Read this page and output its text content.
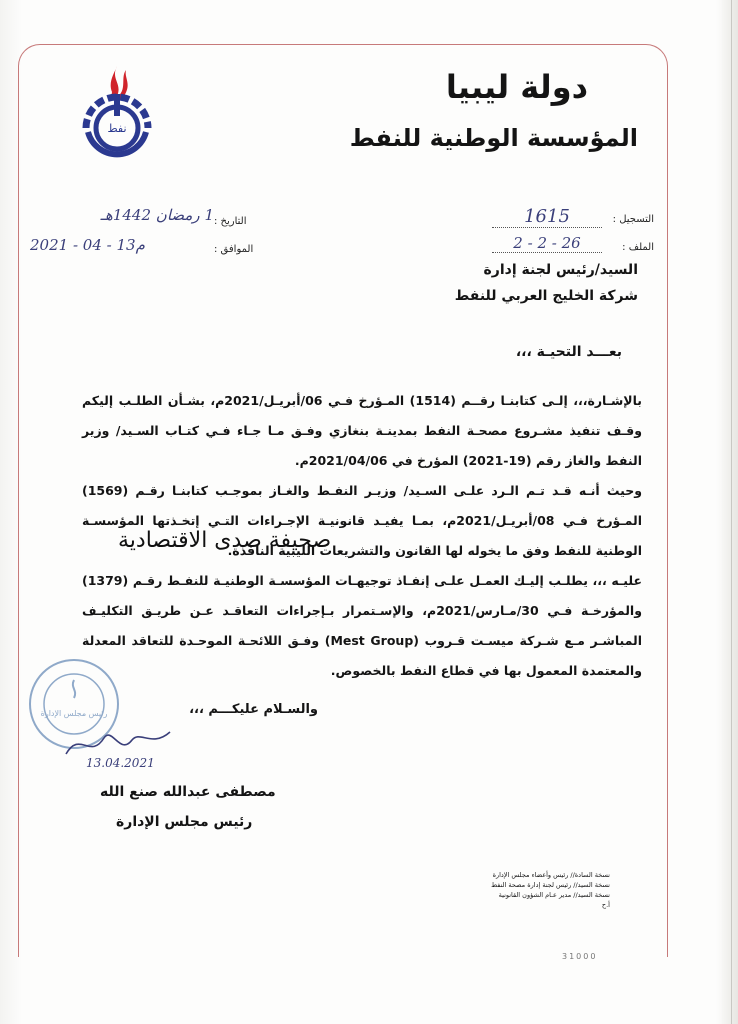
نفط
دولة ليبيا
المؤسسة الوطنية للنفط
التسجيل :
1615
الملف :
2 - 2 - 26
التاريخ :
1 رمضان 1442هـ
الموافق :
2021 - 04 - 13م
السيد/رئيس لجنة إدارة
شركة الخليج العربي للنفط
بعـــد التحيـة ،،،

بالإشـارة،،، إلـى كتابنـا رقــم (1514) المـؤرخ فـي 06/أبريـل/2021م، بشـأن الطلـب إليكم وقـف تنفيذ مشـروع مصحـة النفط بمدينـة بنغازي وفـق مـا جـاء فـي كتـاب السـيد/ وزير النفط والغاز رقم (19-2021) المؤرخ في 2021/04/06م.

وحيث أنـه قـد تـم الـرد علـى السـيد/ وزيـر النفـط والغـاز بموجـب كتابنـا رقـم (1569) المـؤرخ فـي 08/أبريـل/2021م، بمـا يفيـد قانونيـة الإجـراءات التـي إتخـذتها المؤسسـة الوطنية للنفط وفق ما يخوله لها القانون والتشريعات الليبية النافذة.

عليـه ،،، يطلـب إليـك العمـل علـى إنفـاذ توجيهـات المؤسسـة الوطنيـة للنفـط رقـم (1379) والمؤرخـة فـي 30/مـارس/2021م، والإسـتمرار بـإجراءات التعاقـد عـن طريـق التكليـف المباشـر مـع شـركة ميسـت قـروب (Mest Group) وفـق اللائحـة الموحـدة للتعاقد المعدلة والمعتمدة المعمول بها في قطاع النفط بالخصوص.

صحيفة صدى الاقتصادية
والسـلام عليكـــم ،،،
رئيس مجلس الإدارة
13.04.2021
مصطفى عبدالله صنع الله
رئيس مجلس الإدارة
نسخة السادة// رئيس وأعضاء مجلس الإدارة
نسخة السيد// رئيس لجنة إدارة مصحة النفط
نسخة السيد// مدير عـام الشؤون القانونية
أ.ح
31000
